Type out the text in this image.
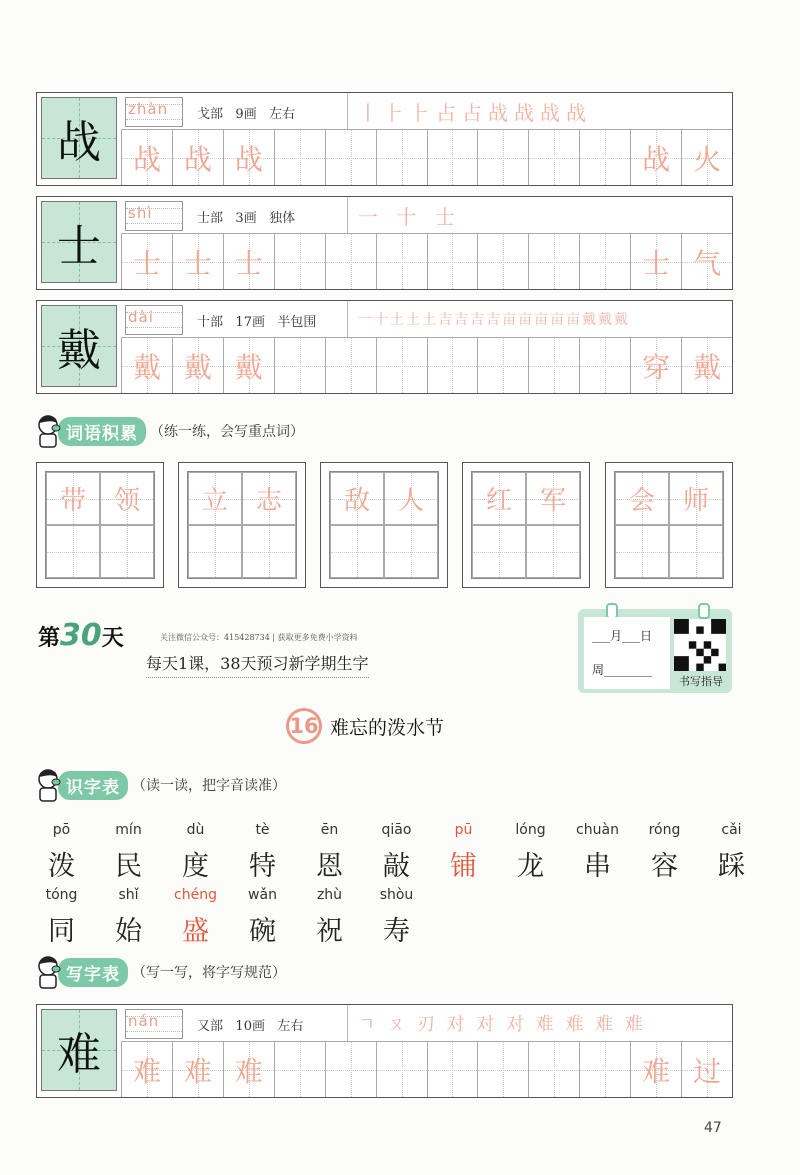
战
zhàn 戈部 9画 左右	丨⺊⺊占占战战战战
战 战 战	战 火
士
shì	士部 3画 独体	一 十 士
士 士 士	士 气
戴
dài	十部 17画 半包围	一十土土土吉吉吉吉亩亩亩亩亩戴戴戴
戴 戴 戴	穿 戴
词语积累 （练一练，会写重点词）
带 领 立 志 敌 人 红 军 会 师
第30天	关注微信公众号：415428734 | 获取更多免费小学资料
每天1课，38天预习新学期生字
___月___日
周________
书写指导
16 难忘的泼水节
识字表 （读一读，把字音读准）
pō
泼
mín
民
dù
度
tè
特
ēn
恩
qiāo
敲
pū
铺
lóng
龙
chuàn
串
róng
容
cǎi
踩
tóng
同
shǐ
始
chéng
盛
wǎn
碗
zhù
祝
shòu
寿
写字表 （写一写，将字写规范）
难
nán	又部 10画 左右	ㄱ ㄡ 刃 对 对 对 难 难 难 难
难 难 难	难 过
47
